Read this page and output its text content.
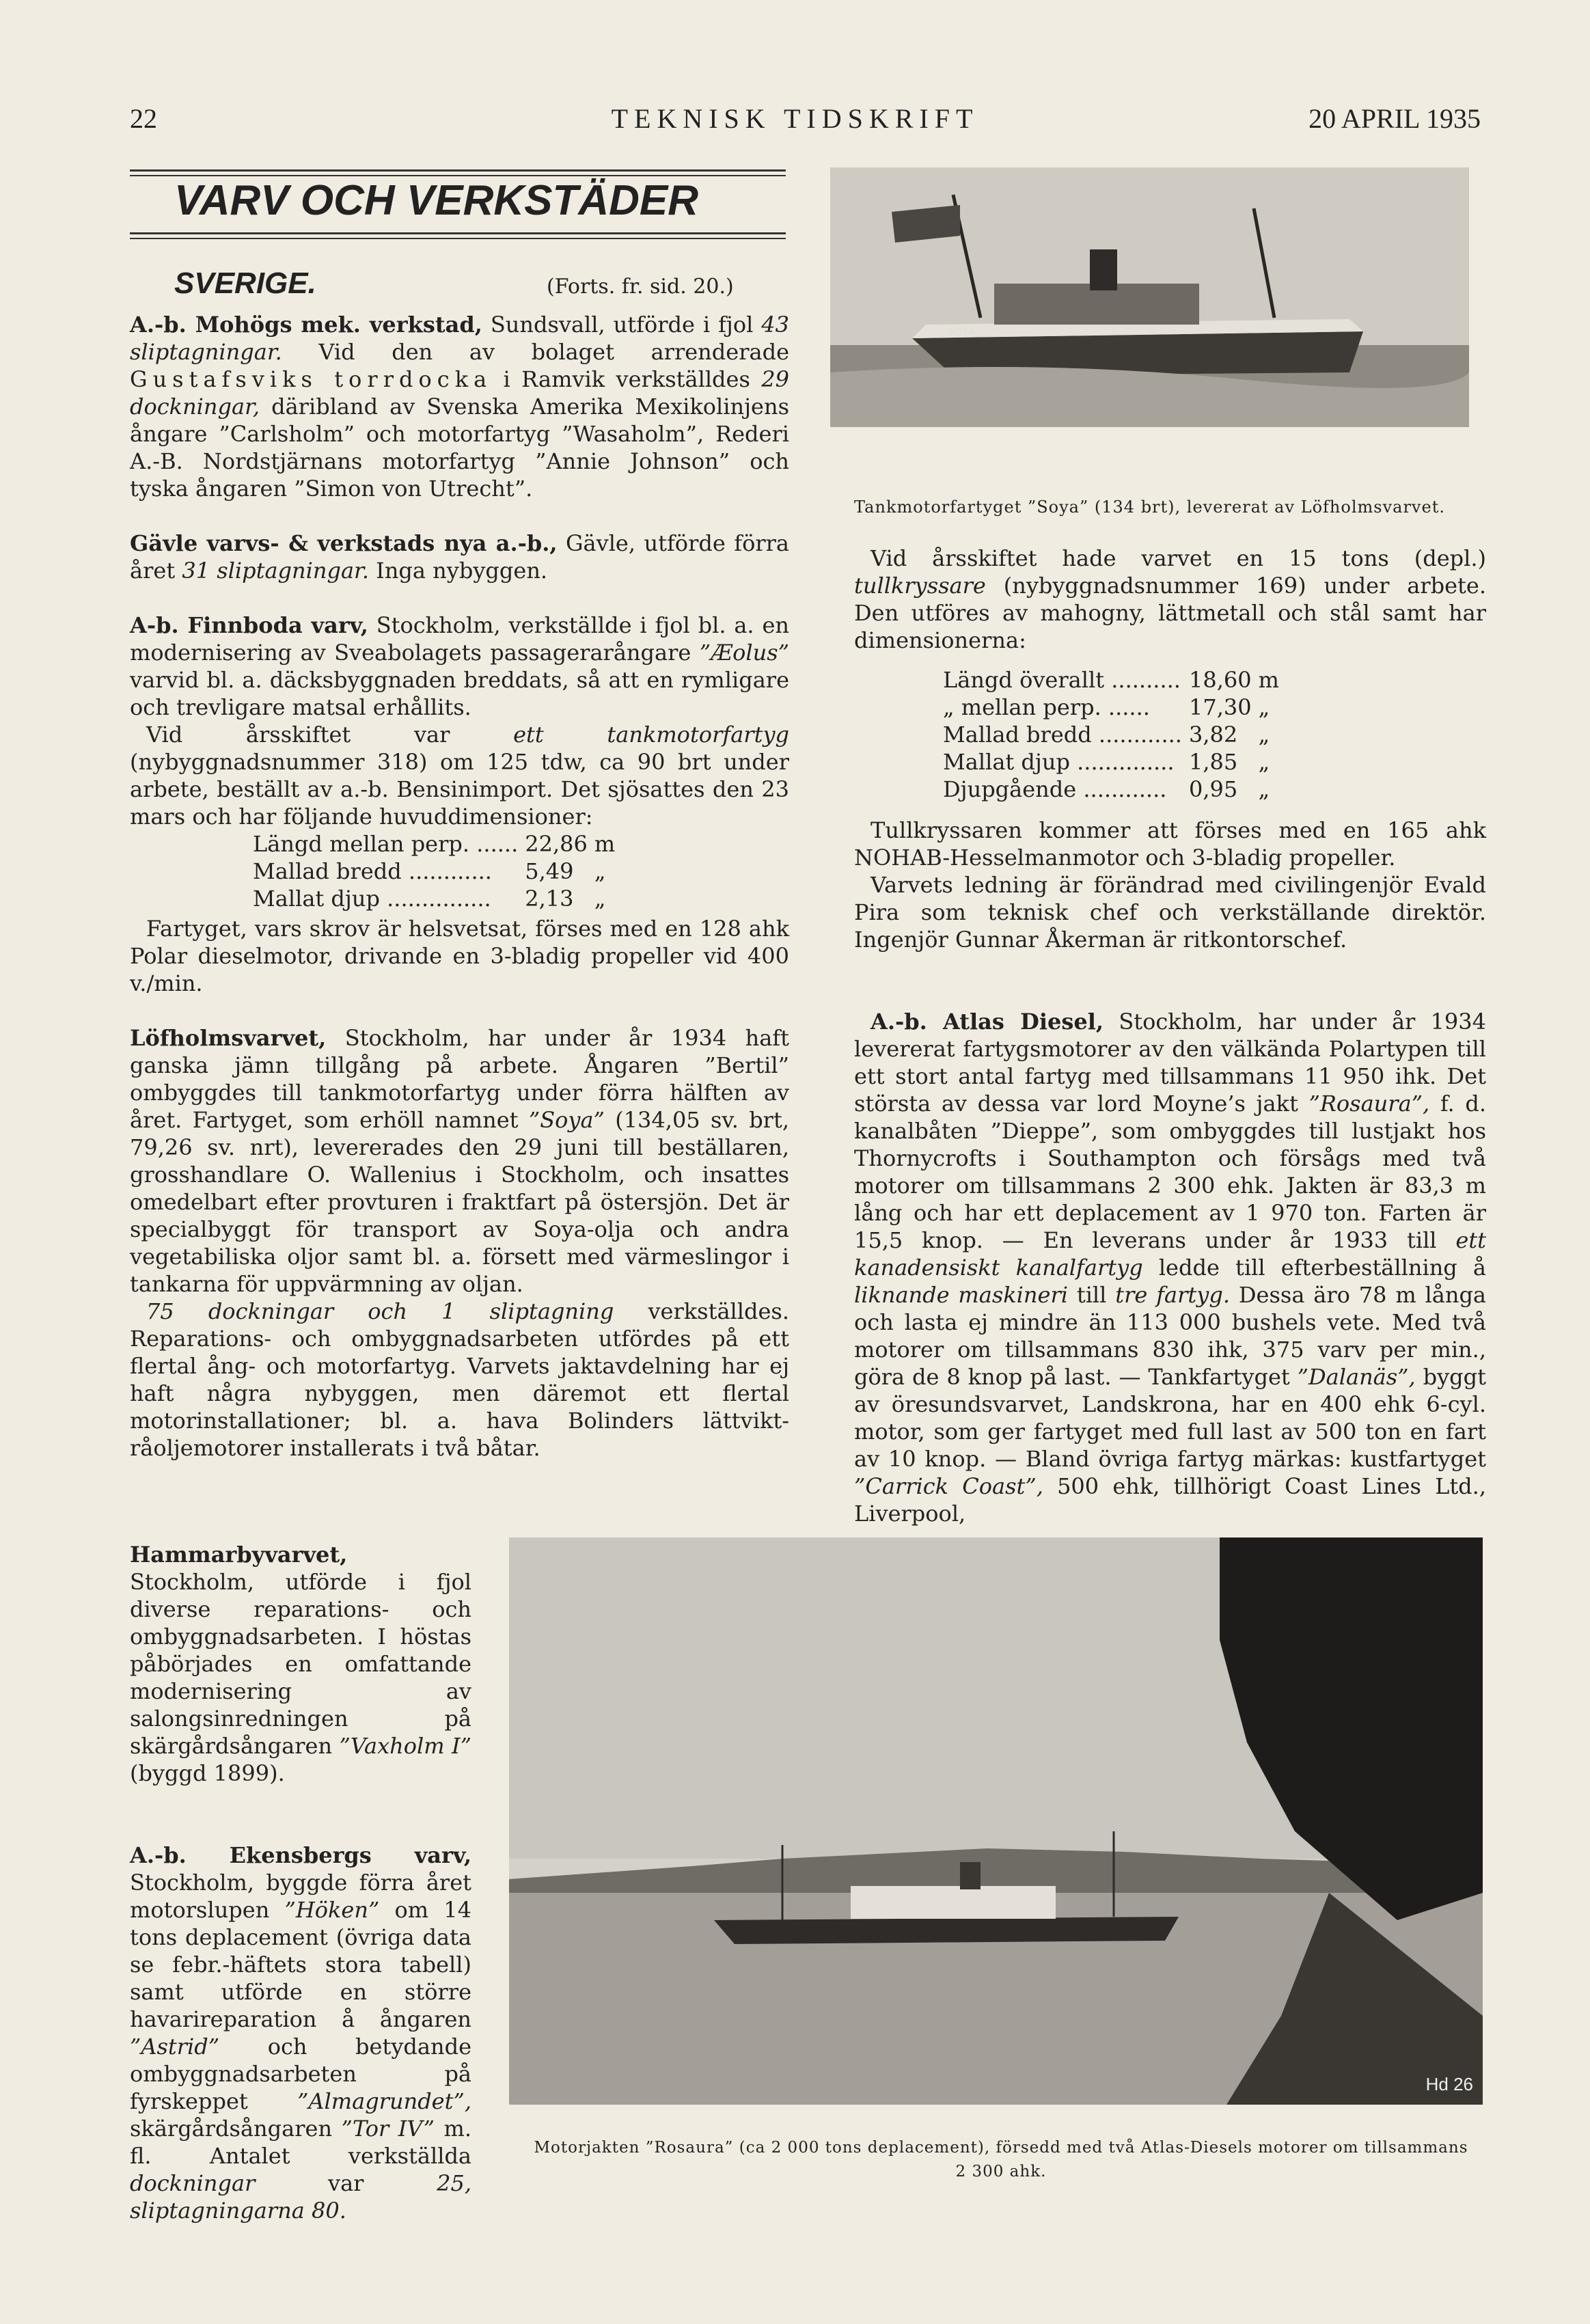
22	TEKNISK TIDSKRIFT	20 APRIL 1935
VARV OCH VERKSTÄDER
SVERIGE.	(Forts. fr. sid. 20.)

A.-b. Mohögs mek. verkstad, Sundsvall, utförde i fjol 43 sliptagningar. Vid den av bolaget arrenderade Gustafsviks torrdocka i Ramvik verkställdes 29 dockningar, däribland av Svenska Amerika Mexikolinjens ångare ”Carlsholm” och motorfartyg ”Wasaholm”, Rederi A.-B. Nordstjärnans motorfartyg ”Annie Johnson” och tyska ångaren ”Simon von Utrecht”.

Gävle varvs- & verkstads nya a.-b., Gävle, utförde förra året 31 sliptagningar. Inga nybyggen.

A-b. Finnboda varv, Stockholm, verkställde i fjol bl. a. en modernisering av Sveabolagets passagerarångare ”Æolus” varvid bl. a. däcksbyggnaden breddats, så att en rymligare och trevligare matsal erhållits.

Vid årsskiftet var ett tankmotorfartyg (nybyggnadsnummer 318) om 125 tdw, ca 90 brt under arbete, beställt av a.-b. Bensinimport. Det sjösattes den 23 mars och har följande huvuddimensioner:

Längd mellan perp. ......	22,86	m
Mallad bredd ............	5,49	„
Mallat djup ...............	2,13	„

Fartyget, vars skrov är helsvetsat, förses med en 128 ahk Polar dieselmotor, drivande en 3-bladig propeller vid 400 v./min.

Löfholmsvarvet, Stockholm, har under år 1934 haft ganska jämn tillgång på arbete. Ångaren ”Bertil” ombyggdes till tankmotorfartyg under förra hälften av året. Fartyget, som erhöll namnet ”Soya” (134,05 sv. brt, 79,26 sv. nrt), levererades den 29 juni till beställaren, grosshandlare O. Wallenius i Stockholm, och insattes omedelbart efter provturen i fraktfart på östersjön. Det är specialbyggt för transport av Soya-olja och andra vegetabiliska oljor samt bl. a. försett med värmeslingor i tankarna för uppvärmning av oljan.

75 dockningar och 1 sliptagning verkställdes. Reparations- och ombyggnadsarbeten utfördes på ett flertal ång- och motorfartyg. Varvets jaktavdelning har ej haft några nybyggen, men däremot ett flertal motorinstallationer; bl. a. hava Bolinders lättvikt-råoljemotorer installerats i två båtar.

Hammarbyvarvet, Stockholm, utförde i fjol diverse reparations- och ombyggnadsarbeten. I höstas påbörjades en omfattande modernisering av salongsinredningen på skärgårdsångaren ”Vaxholm I” (byggd 1899).

A.-b. Ekensbergs varv, Stockholm, byggde förra året motorslupen ”Höken” om 14 tons deplacement (övriga data se febr.-häftets stora tabell) samt utförde en större havarireparation å ångaren ”Astrid” och betydande ombyggnadsarbeten på fyrskeppet ”Almagrundet”, skärgårdsångaren ”Tor IV” m. fl. Antalet verkställda dockningar var 25, sliptagningarna 80.

SOYA
Tankmotorfartyget ”Soya” (134 brt), levererat av Löfholmsvarvet.

Vid årsskiftet hade varvet en 15 tons (depl.) tullkryssare (nybyggnadsnummer 169) under arbete. Den utföres av mahogny, lättmetall och stål samt har dimensionerna:

Längd överallt ..........	18,60	m
„ mellan perp. ......	17,30	„
Mallad bredd ............	3,82	„
Mallat djup ..............	1,85	„
Djupgående ............	0,95	„

Tullkryssaren kommer att förses med en 165 ahk NOHAB-Hesselmanmotor och 3-bladig propeller.

Varvets ledning är förändrad med civilingenjör Evald Pira som teknisk chef och verkställande direktör. Ingenjör Gunnar Åkerman är ritkontorschef.

A.-b. Atlas Diesel, Stockholm, har under år 1934 levererat fartygsmotorer av den välkända Polartypen till ett stort antal fartyg med tillsammans 11 950 ihk. Det största av dessa var lord Moyne’s jakt ”Rosaura”, f. d. kanalbåten ”Dieppe”, som ombyggdes till lustjakt hos Thornycrofts i Southampton och försågs med två motorer om tillsammans 2 300 ehk. Jakten är 83,3 m lång och har ett deplacement av 1 970 ton. Farten är 15,5 knop. — En leverans under år 1933 till ett kanadensiskt kanalfartyg ledde till efterbeställning å liknande maskineri till tre fartyg. Dessa äro 78 m långa och lasta ej mindre än 113 000 bushels vete. Med två motorer om tillsammans 830 ihk, 375 varv per min., göra de 8 knop på last. — Tankfartyget ”Dalanäs”, byggt av öresundsvarvet, Landskrona, har en 400 ehk 6-cyl. motor, som ger fartyget med full last av 500 ton en fart av 10 knop. — Bland övriga fartyg märkas: kustfartyget ”Carrick Coast”, 500 ehk, tillhörigt Coast Lines Ltd., Liverpool,

Hd 26
Motorjakten ”Rosaura” (ca 2 000 tons deplacement), försedd med två Atlas-Diesels motorer om tillsammans
2 300 ahk.
